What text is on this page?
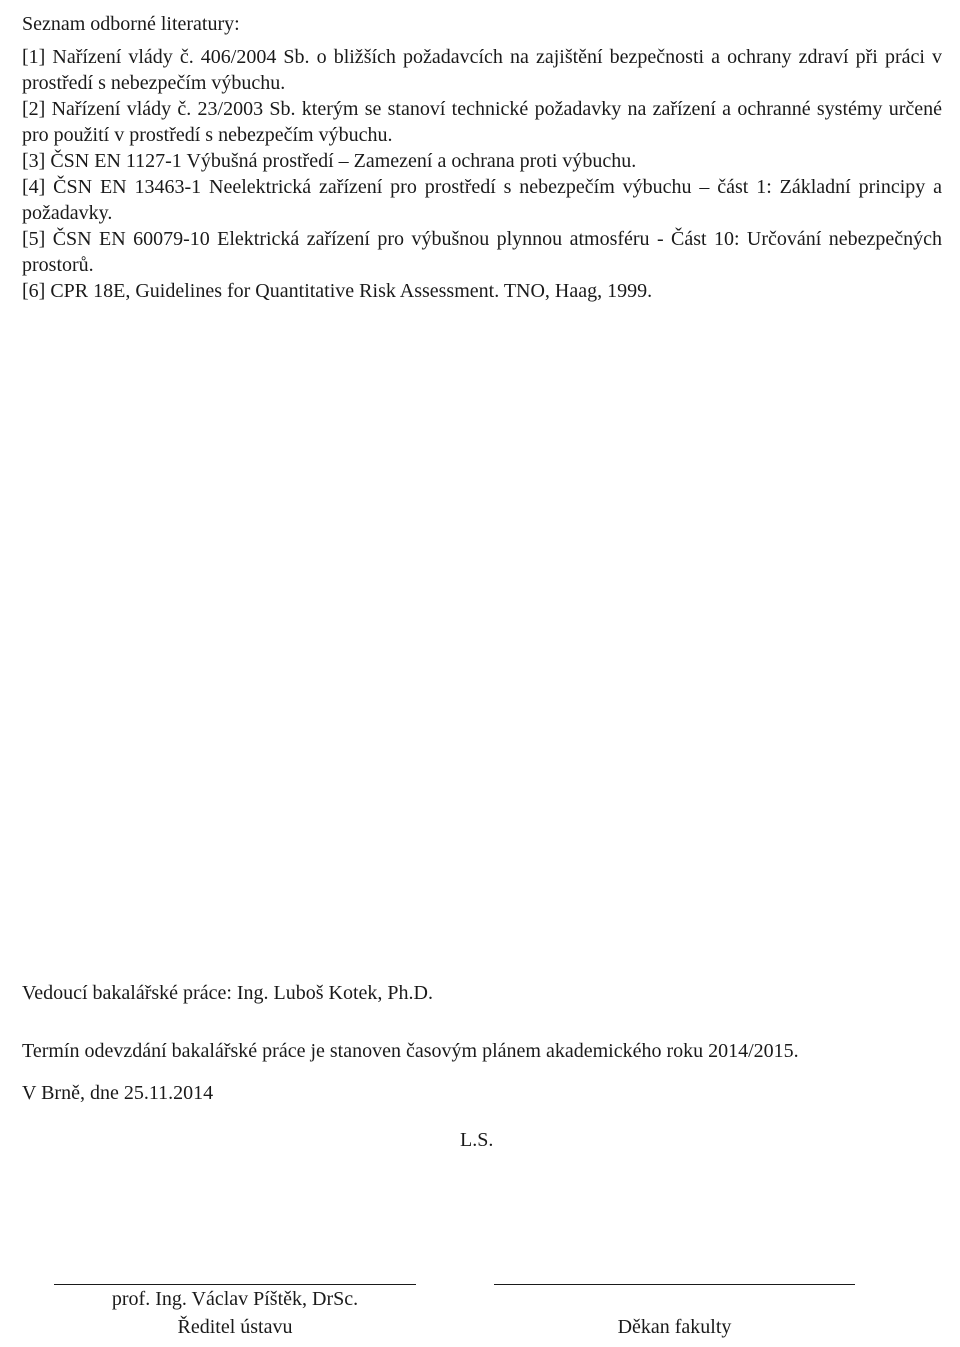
Seznam odborné literatury:
[1] Nařízení vlády č. 406/2004 Sb. o bližších požadavcích na zajištění bezpečnosti a ochrany zdraví při práci v prostředí s nebezpečím výbuchu.
[2] Nařízení vlády č. 23/2003 Sb. kterým se stanoví technické požadavky na zařízení a ochranné systémy určené pro použití v prostředí s nebezpečím výbuchu.
[3] ČSN EN 1127-1 Výbušná prostředí – Zamezení a ochrana proti výbuchu.
[4] ČSN EN 13463-1 Neelektrická zařízení pro prostředí s nebezpečím výbuchu – část 1: Základní principy a požadavky.
[5] ČSN EN 60079-10 Elektrická zařízení pro výbušnou plynnou atmosféru - Část 10: Určování nebezpečných prostorů.
[6] CPR 18E, Guidelines for Quantitative Risk Assessment. TNO, Haag, 1999.
Vedoucí bakalářské práce: Ing. Luboš Kotek, Ph.D.
Termín odevzdání bakalářské práce je stanoven časovým plánem akademického roku 2014/2015.
V Brně, dne 25.11.2014
L.S.
prof. Ing. Václav Píštěk, DrSc.
Ředitel ústavu	Děkan fakulty
